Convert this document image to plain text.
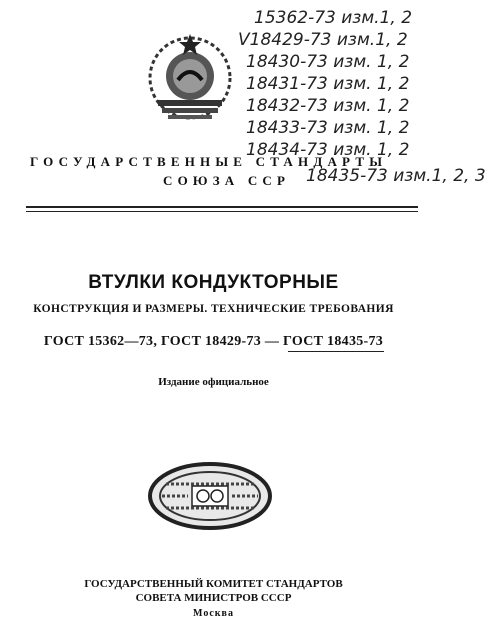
15362-73 изм.1, 2
V18429-73 изм.1, 2
18430-73 изм. 1, 2
18431-73 изм. 1, 2
18432-73 изм. 1, 2
18433-73 изм. 1, 2
18434-73 изм. 1, 2
ГОСУДАРСТВЕННЫЕ СТАНДАРТЫ
СОЮЗА ССР 18435-73 изм.1, 2, 3
ВТУЛКИ КОНДУКТОРНЫЕ
КОНСТРУКЦИЯ И РАЗМЕРЫ. ТЕХНИЧЕСКИЕ ТРЕБОВАНИЯ
ГОСТ 15362—73, ГОСТ 18429-73 — ГОСТ 18435-73
Издание официальное
ГОСУДАРСТВЕННЫЙ КОМИТЕТ СТАНДАРТОВ
СОВЕТА МИНИСТРОВ СССР
Москва
